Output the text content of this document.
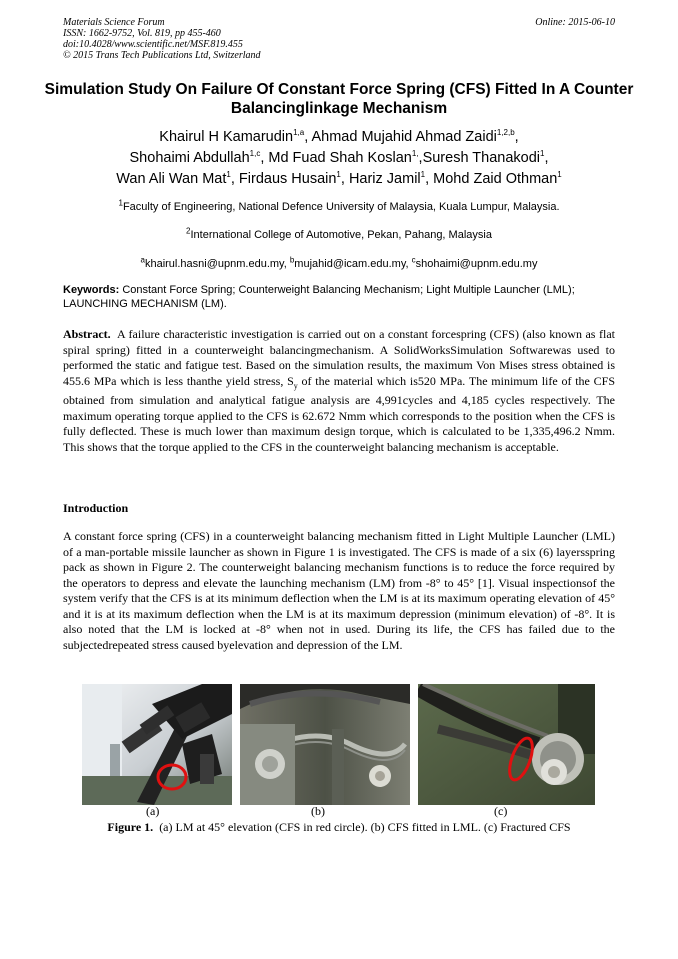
Materials Science Forum
ISSN: 1662-9752, Vol. 819, pp 455-460
doi:10.4028/www.scientific.net/MSF.819.455
© 2015 Trans Tech Publications Ltd, Switzerland
Online: 2015-06-10
Simulation Study On Failure Of Constant Force Spring (CFS) Fitted In A Counter Balancinglinkage Mechanism
Khairul H Kamarudin$^{1,a}$, Ahmad Mujahid Ahmad Zaidi$^{1,2,b}$,
Shohaimi Abdullah$^{1,c}$, Md Fuad Shah Koslan$^{1,}$,Suresh Thanakodi$^1$,
Wan Ali Wan Mat$^1$, Firdaus Husain$^1$, Hariz Jamil$^1$, Mohd Zaid Othman$^1$
$^1$Faculty of Engineering, National Defence University of Malaysia, Kuala Lumpur, Malaysia.
$^2$International College of Automotive, Pekan, Pahang, Malaysia
$^a$khairul.hasni@upnm.edu.my, $^b$mujahid@icam.edu.my, $^c$shohaimi@upnm.edu.my
Keywords: Constant Force Spring; Counterweight Balancing Mechanism; Light Multiple Launcher (LML); LAUNCHING MECHANISM (LM).
Abstract. A failure characteristic investigation is carried out on a constant forcespring (CFS) (also known as flat spiral spring) fitted in a counterweight balancingmechanism. A SolidWorksSimulation Softwarewas used to performed the static and fatigue test. Based on the simulation results, the maximum Von Mises stress obtained is 455.6 MPa which is less thanthe yield stress, $S_y$ of the material which is520 MPa. The minimum life of the CFS obtained from simulation and analytical fatigue analysis are 4,991cycles and 4,185 cycles respectively. The maximum operating torque applied to the CFS is 62.672 Nmm which corresponds to the position when the CFS is fully deflected. These is much lower than maximum design torque, which is calculated to be 1,335,496.2 Nmm. This shows that the torque applied to the CFS in the counterweight balancing mechanism is acceptable.
Introduction
A constant force spring (CFS) in a counterweight balancing mechanism fitted in Light Multiple Launcher (LML) of a man-portable missile launcher as shown in Figure 1 is investigated. The CFS is made of a six (6) layersspring pack as shown in Figure 2. The counterweight balancing mechanism functions is to reduce the force required by the operators to depress and elevate the launching mechanism (LM) from -8° to 45° [1]. Visual inspectionsof the system verify that the CFS is at its minimum deflection when the LM is at its maximum operating elevation of 45° and it is at its maximum deflection when the LM is at its maximum depression (minimum elevation) of -8°. It is also noted that the LM is locked at -8° when not in used. During its life, the CFS has failed due to the subjectedrepeated stress caused byelevation and depression of the LM.
(a)	(b)	(c)
Figure 1. (a) LM at 45° elevation (CFS in red circle). (b) CFS fitted in LML. (c) Fractured CFS
